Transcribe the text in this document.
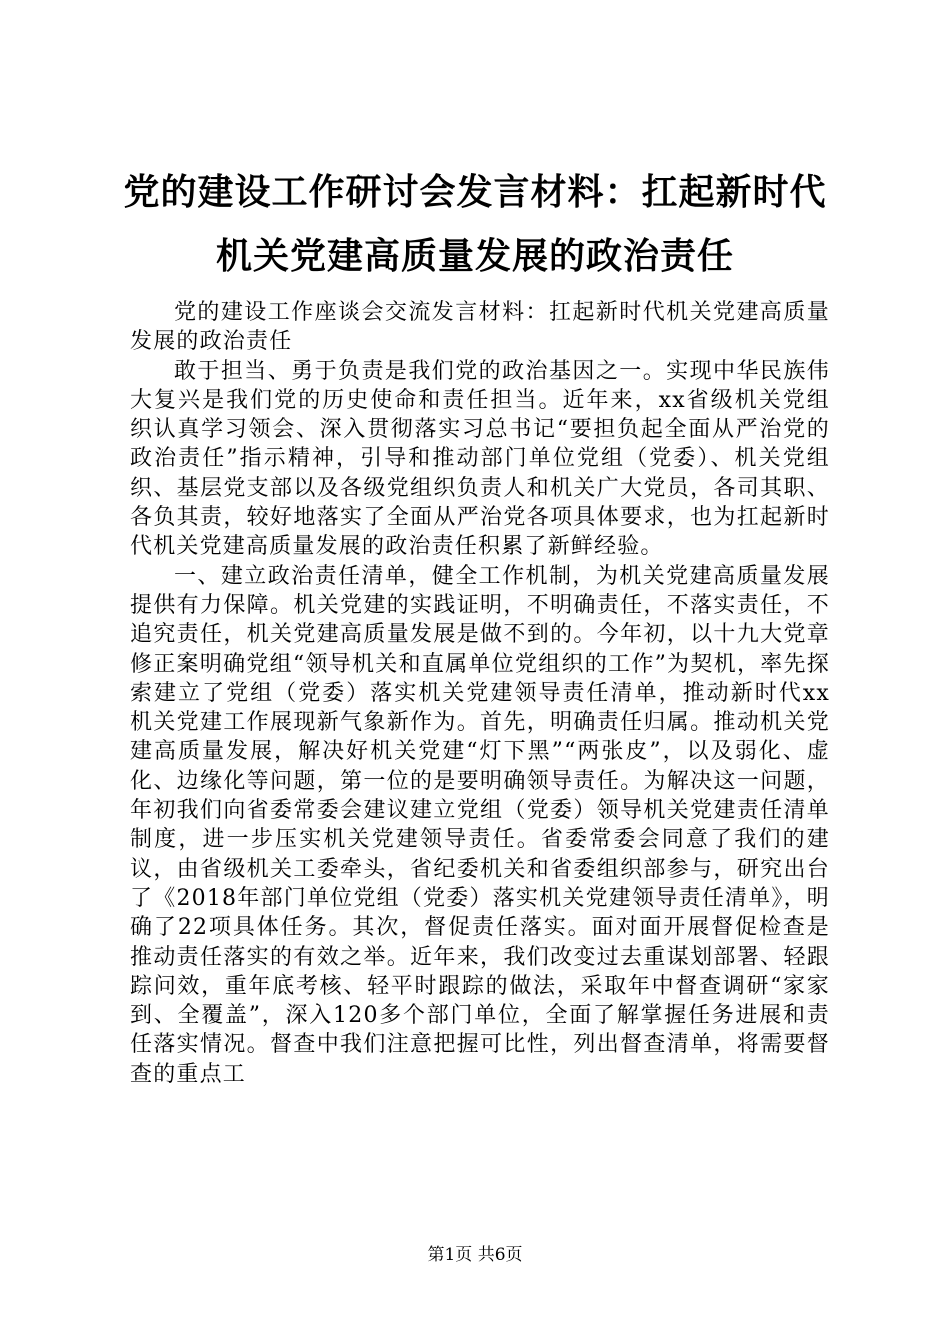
党的建设工作研讨会发言材料：扛起新时代机关党建高质量发展的政治责任

党的建设工作座谈会交流发言材料：扛起新时代机关党建高质量发展的政治责任

敢于担当、勇于负责是我们党的政治基因之一。实现中华民族伟大复兴是我们党的历史使命和责任担当。近年来，xx省级机关党组织认真学习领会、深入贯彻落实习总书记“要担负起全面从严治党的政治责任”指示精神，引导和推动部门单位党组（党委）、机关党组织、基层党支部以及各级党组织负责人和机关广大党员，各司其职、各负其责，较好地落实了全面从严治党各项具体要求，也为扛起新时代机关党建高质量发展的政治责任积累了新鲜经验。

一、建立政治责任清单，健全工作机制，为机关党建高质量发展提供有力保障。机关党建的实践证明，不明确责任，不落实责任，不追究责任，机关党建高质量发展是做不到的。今年初，以十九大党章修正案明确党组“领导机关和直属单位党组织的工作”为契机，率先探索建立了党组（党委）落实机关党建领导责任清单，推动新时代xx机关党建工作展现新气象新作为。首先，明确责任归属。推动机关党建高质量发展，解决好机关党建“灯下黑”“两张皮”，以及弱化、虚化、边缘化等问题，第一位的是要明确领导责任。为解决这一问题，年初我们向省委常委会建议建立党组（党委）领导机关党建责任清单制度，进一步压实机关党建领导责任。省委常委会同意了我们的建议，由省级机关工委牵头，省纪委机关和省委组织部参与，研究出台了《2018年部门单位党组（党委）落实机关党建领导责任清单》，明确了22项具体任务。其次，督促责任落实。面对面开展督促检查是推动责任落实的有效之举。近年来，我们改变过去重谋划部署、轻跟踪问效，重年底考核、轻平时跟踪的做法，采取年中督查调研“家家到、全覆盖”，深入120多个部门单位，全面了解掌握任务进展和责任落实情况。督查中我们注意把握可比性，列出督查清单，将需要督查的重点工

第1页 共6页
